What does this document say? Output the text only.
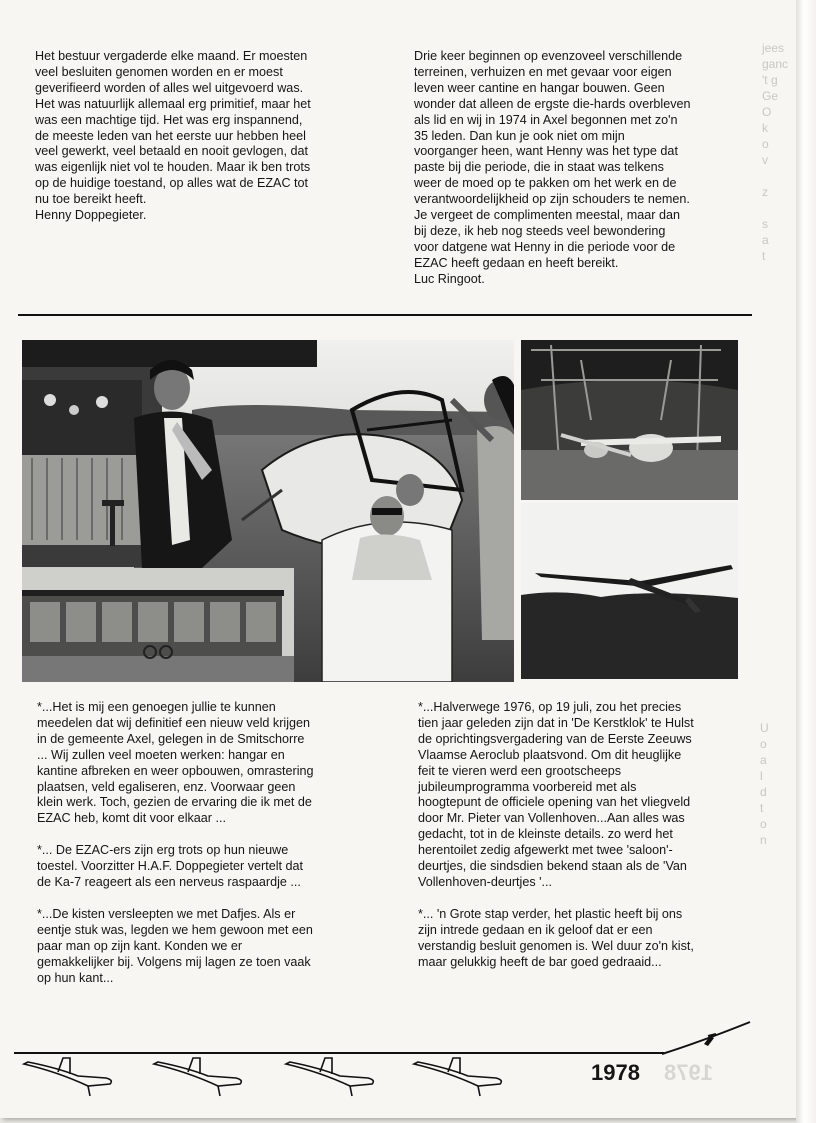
jees
ganc
't g
Ge
O
k
o
v

z

s
a
t

Het bestuur vergaderde elke maand. Er moesten

veel besluiten genomen worden en er moest

geverifieerd worden of alles wel uitgevoerd was.

Het was natuurlijk allemaal erg primitief, maar het

was een machtige tijd. Het was erg inspannend,

de meeste leden van het eerste uur hebben heel

veel gewerkt, veel betaald en nooit gevlogen, dat

was eigenlijk niet vol te houden. Maar ik ben trots

op de huidige toestand, op alles wat de EZAC tot

nu toe bereikt heeft.

Henny Doppegieter.

Drie keer beginnen op evenzoveel verschillende

terreinen, verhuizen en met gevaar voor eigen

leven weer cantine en hangar bouwen. Geen

wonder dat alleen de ergste die-hards overbleven

als lid en wij in 1974 in Axel begonnen met zo'n

35 leden. Dan kun je ook niet om mijn

voorganger heen, want Henny was het type dat

paste bij die periode, die in staat was telkens

weer de moed op te pakken om het werk en de

verantwoordelijkheid op zijn schouders te nemen.

Je vergeet de complimenten meestal, maar dan

bij deze, ik heb nog steeds veel bewondering

voor datgene wat Henny in die periode voor de

EZAC heeft gedaan en heeft bereikt.

Luc Ringoot.

*...Het is mij een genoegen jullie te kunnen

meedelen dat wij definitief een nieuw veld krijgen

in de gemeente Axel, gelegen in de Smitschorre

... Wij zullen veel moeten werken: hangar en

kantine afbreken en weer opbouwen, omrastering

plaatsen, veld egaliseren, enz. Voorwaar geen

klein werk. Toch, gezien de ervaring die ik met de

EZAC heb, komt dit voor elkaar ...

*... De EZAC-ers zijn erg trots op hun nieuwe

toestel. Voorzitter H.A.F. Doppegieter vertelt dat

de Ka-7 reageert als een nerveus raspaardje ...

*...De kisten versleepten we met Dafjes. Als er

eentje stuk was, legden we hem gewoon met een

paar man op zijn kant. Konden we er

gemakkelijker bij. Volgens mij lagen ze toen vaak

op hun kant...

*...Halverwege 1976, op 19 juli, zou het precies

tien jaar geleden zijn dat in 'De Kerstklok' te Hulst

de oprichtingsvergadering van de Eerste Zeeuws

Vlaamse Aeroclub plaatsvond. Om dit heuglijke

feit te vieren werd een grootscheeps

jubileumprogramma voorbereid met als

hoogtepunt de officiele opening van het vliegveld

door Mr. Pieter van Vollenhoven...Aan alles was

gedacht, tot in de kleinste details. zo werd het

herentoilet zedig afgewerkt met twee 'saloon'-

deurtjes, die sindsdien bekend staan als de 'Van

Vollenhoven-deurtjes '...

*... 'n Grote stap verder, het plastic heeft bij ons

zijn intrede gedaan en ik geloof dat er een

verstandig besluit genomen is. Wel duur zo'n kist,

maar gelukkig heeft de bar goed gedraaid...

U
o
a
l
d
t
o
n
1978 1978
